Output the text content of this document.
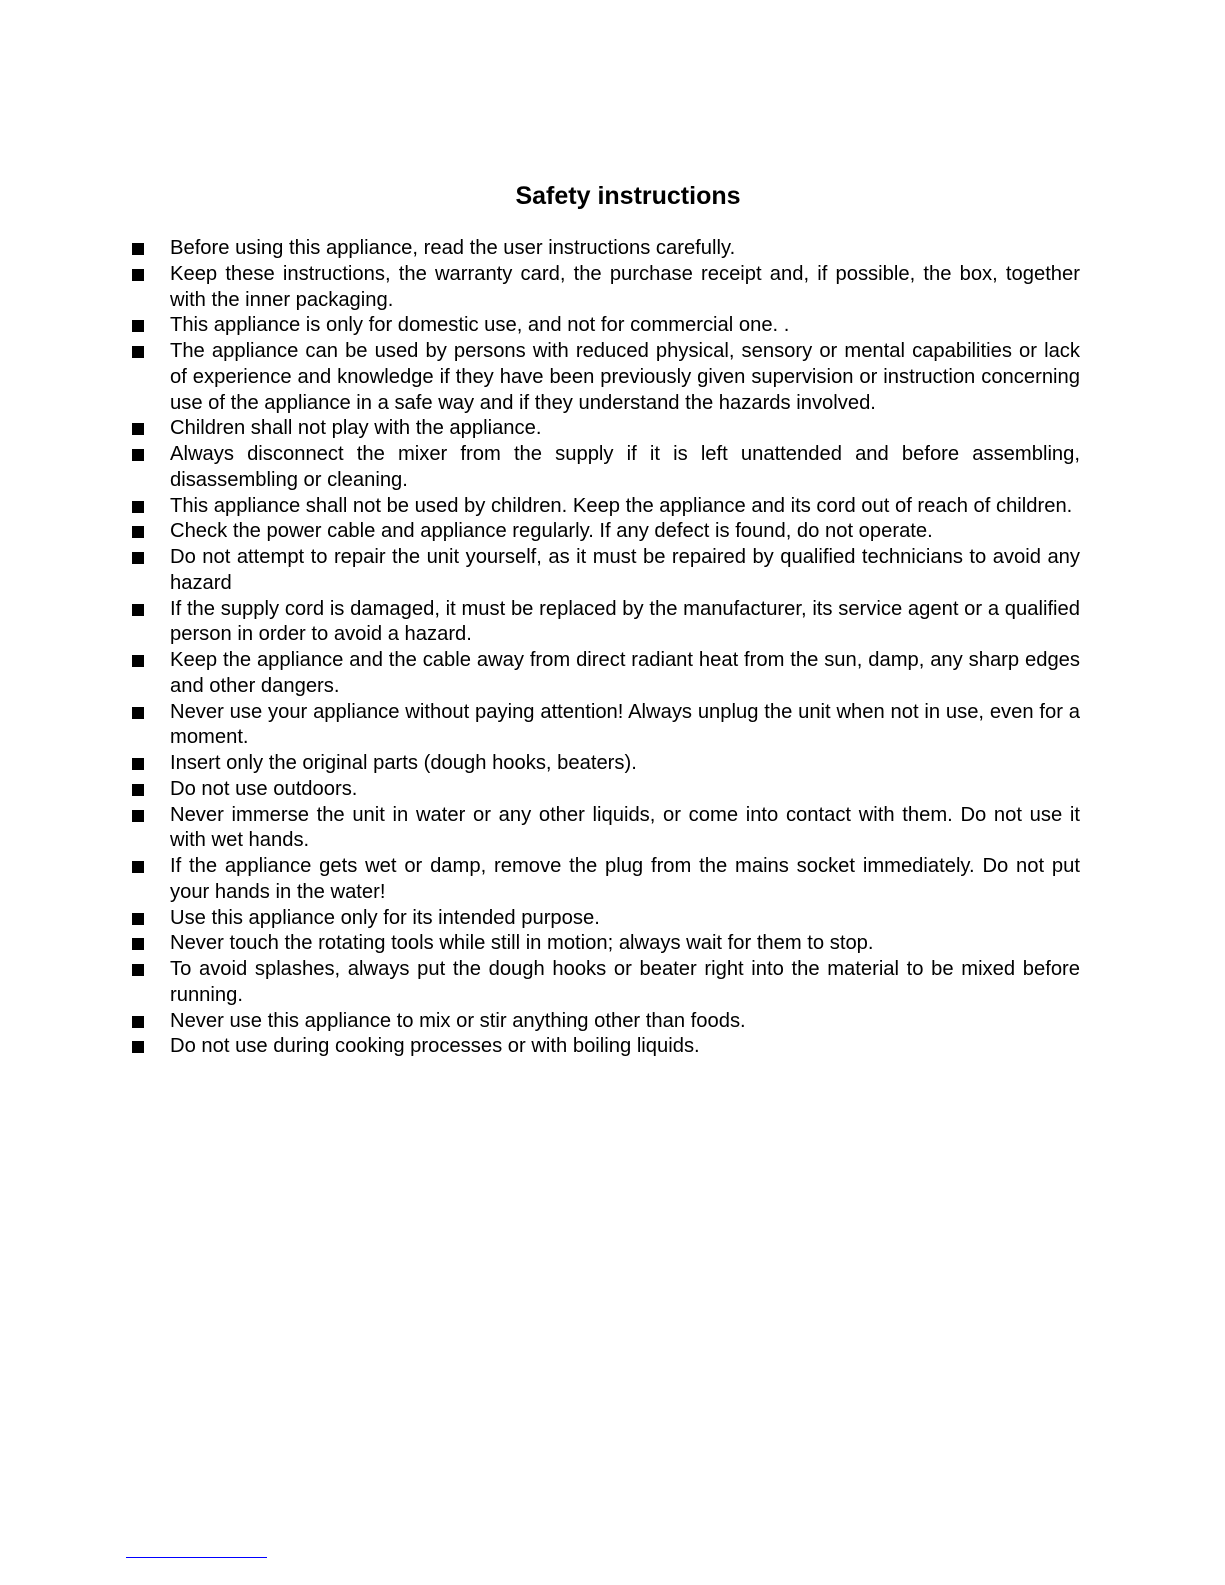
Safety instructions
Before using this appliance, read the user instructions carefully.
Keep these instructions, the warranty card, the purchase receipt and, if possible, the box, together with the inner packaging.
This appliance is only for domestic use, and not for commercial one. .
The appliance can be used by persons with reduced physical, sensory or mental capabilities or lack of experience and knowledge if they have been previously given supervision or instruction concerning use of the appliance in a safe way and if they understand the hazards involved.
Children shall not play with the appliance.
Always disconnect the mixer from the supply if it is left unattended and before assembling, disassembling or cleaning.
This appliance shall not be used by children. Keep the appliance and its cord out of reach of children.
Check the power cable and appliance regularly. If any defect is found, do not operate.
Do not attempt to repair the unit yourself, as it must be repaired by qualified technicians to avoid any hazard
If the supply cord is damaged, it must be replaced by the manufacturer, its service agent or a qualified person in order to avoid a hazard.
Keep the appliance and the cable away from direct radiant heat from the sun, damp, any sharp edges and other dangers.
Never use your appliance without paying attention! Always unplug the unit when not in use, even for a moment.
Insert only the original parts (dough hooks, beaters).
Do not use outdoors.
Never immerse the unit in water or any other liquids, or come into contact with them. Do not use it with wet hands.
If the appliance gets wet or damp, remove the plug from the mains socket immediately. Do not put your hands in the water!
Use this appliance only for its intended purpose.
Never touch the rotating tools while still in motion; always wait for them to stop.
To avoid splashes, always put the dough hooks or beater right into the material to be mixed before running.
Never use this appliance to mix or stir anything other than foods.
Do not use during cooking processes or with boiling liquids.
